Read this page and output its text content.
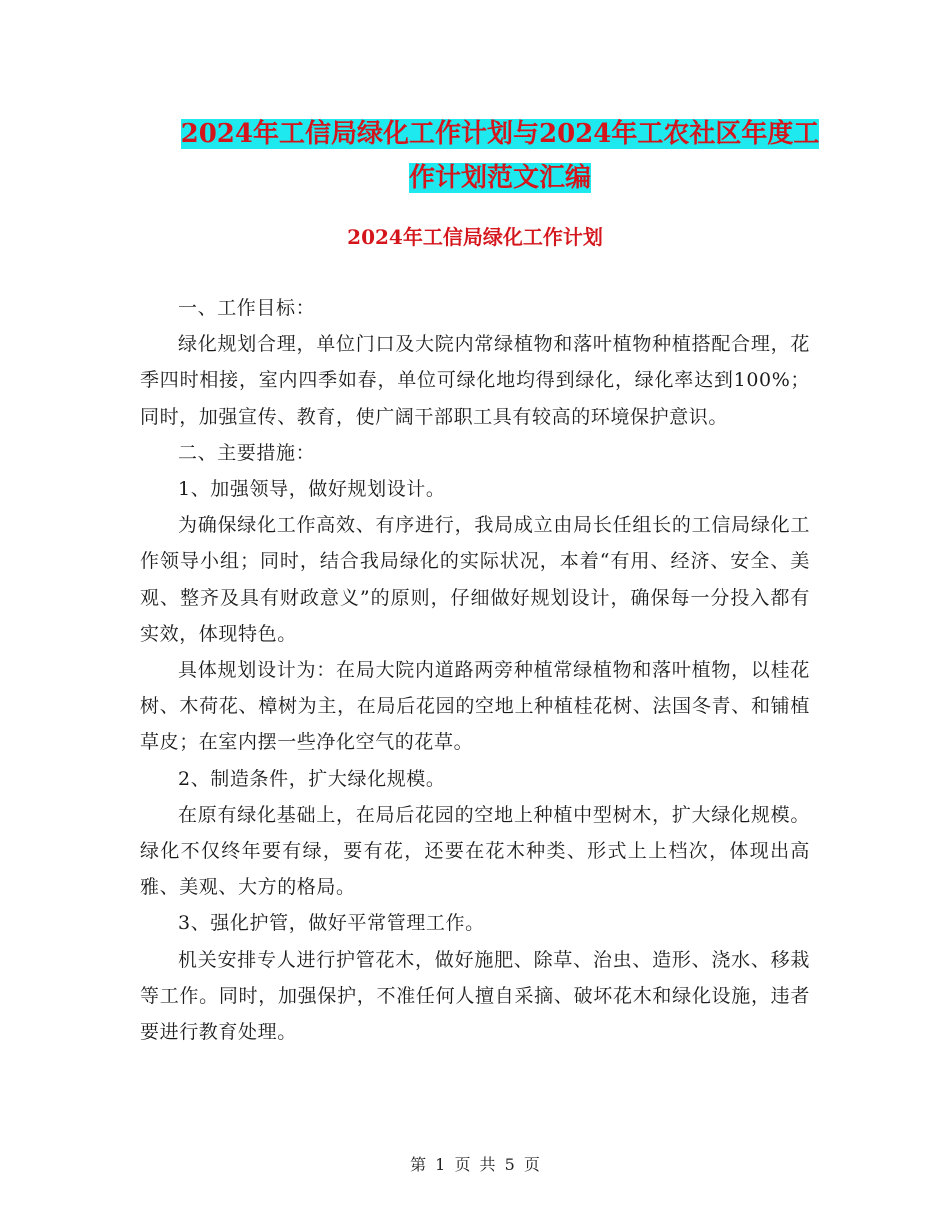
2024年工信局绿化工作计划与2024年工农社区年度工
作计划范文汇编
2024年工信局绿化工作计划

一、工作目标：

绿化规划合理，单位门口及大院内常绿植物和落叶植物种植搭配合理，花季四时相接，室内四季如春，单位可绿化地均得到绿化，绿化率达到100%；同时，加强宣传、教育，使广阔干部职工具有较高的环境保护意识。

二、主要措施：

1、加强领导，做好规划设计。

为确保绿化工作高效、有序进行，我局成立由局长任组长的工信局绿化工作领导小组；同时，结合我局绿化的实际状况，本着“有用、经济、安全、美观、整齐及具有财政意义”的原则，仔细做好规划设计，确保每一分投入都有实效，体现特色。

具体规划设计为：在局大院内道路两旁种植常绿植物和落叶植物，以桂花树、木荷花、樟树为主，在局后花园的空地上种植桂花树、法国冬青、和铺植草皮；在室内摆一些净化空气的花草。

2、制造条件，扩大绿化规模。

在原有绿化基础上，在局后花园的空地上种植中型树木，扩大绿化规模。绿化不仅终年要有绿，要有花，还要在花木种类、形式上上档次，体现出高雅、美观、大方的格局。

3、强化护管，做好平常管理工作。

机关安排专人进行护管花木，做好施肥、除草、治虫、造形、浇水、移栽等工作。同时，加强保护，不准任何人擅自采摘、破坏花木和绿化设施，违者要进行教育处理。

第 1 页 共 5 页
